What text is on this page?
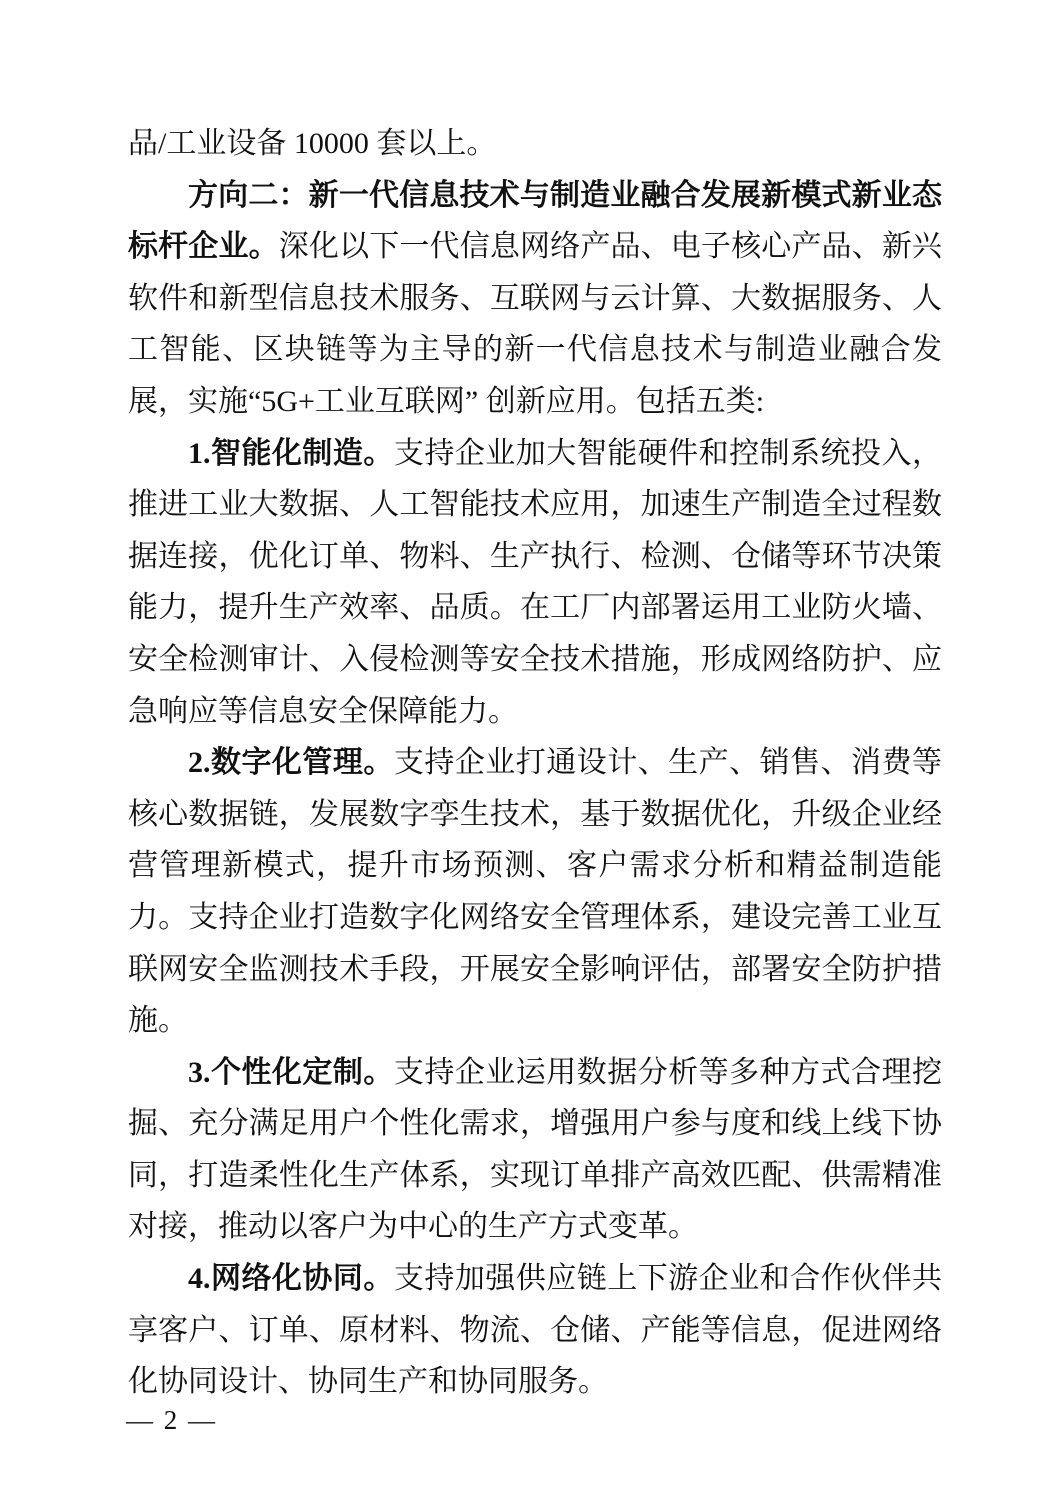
品/工业设备 10000 套以上。

方向二：新一代信息技术与制造业融合发展新模式新业态标杆企业。深化以下一代信息网络产品、电子核心产品、新兴软件和新型信息技术服务、互联网与云计算、大数据服务、人工智能、区块链等为主导的新一代信息技术与制造业融合发展，实施“5G+工业互联网” 创新应用。包括五类:

1.智能化制造。支持企业加大智能硬件和控制系统投入，推进工业大数据、人工智能技术应用，加速生产制造全过程数据连接，优化订单、物料、生产执行、检测、仓储等环节决策能力，提升生产效率、品质。在工厂内部署运用工业防火墙、安全检测审计、入侵检测等安全技术措施，形成网络防护、应急响应等信息安全保障能力。

2.数字化管理。支持企业打通设计、生产、销售、消费等核心数据链，发展数字孪生技术，基于数据优化，升级企业经营管理新模式，提升市场预测、客户需求分析和精益制造能力。支持企业打造数字化网络安全管理体系，建设完善工业互联网安全监测技术手段，开展安全影响评估，部署安全防护措施。

3.个性化定制。支持企业运用数据分析等多种方式合理挖掘、充分满足用户个性化需求，增强用户参与度和线上线下协同，打造柔性化生产体系，实现订单排产高效匹配、供需精准对接，推动以客户为中心的生产方式变革。

4.网络化协同。支持加强供应链上下游企业和合作伙伴共享客户、订单、原材料、物流、仓储、产能等信息，促进网络化协同设计、协同生产和协同服务。

— 2 —
